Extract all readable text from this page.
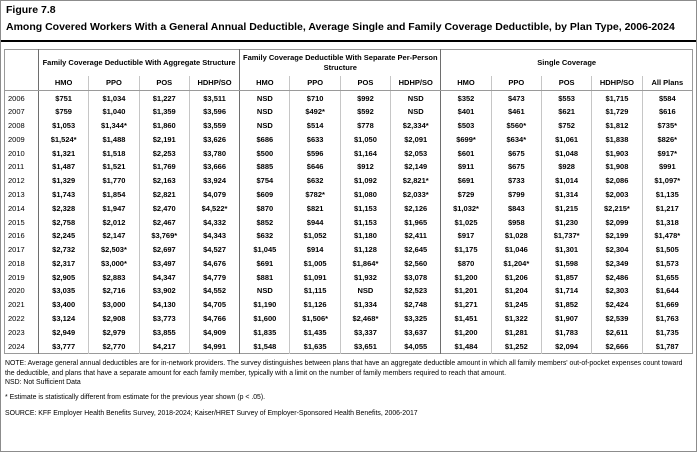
Figure 7.8
Among Covered Workers With a General Annual Deductible, Average Single and Family Coverage Deductible, by Plan Type, 2006-2024
	Family Coverage Deductible With Aggregate Structure				Family Coverage Deductible With Separate Per-Person Structure				Single Coverage				
	HMO	PPO	POS	HDHP/SO	HMO	PPO	POS	HDHP/SO	HMO	PPO	POS	HDHP/SO	All Plans
2006	$751	$1,034	$1,227	$3,511	NSD	$710	$992	NSD	$352	$473	$553	$1,715	$584
2007	$759	$1,040	$1,359	$3,596	NSD	$492*	$592	NSD	$401	$461	$621	$1,729	$616
2008	$1,053	$1,344*	$1,860	$3,559	NSD	$514	$778	$2,334*	$503	$560*	$752	$1,812	$735*
2009	$1,524*	$1,488	$2,191	$3,626	$686	$633	$1,050	$2,091	$699*	$634*	$1,061	$1,838	$826*
2010	$1,321	$1,518	$2,253	$3,780	$500	$596	$1,164	$2,053	$601	$675	$1,048	$1,903	$917*
2011	$1,487	$1,521	$1,769	$3,666	$885	$646	$912	$2,149	$911	$675	$928	$1,908	$991
2012	$1,329	$1,770	$2,163	$3,924	$754	$632	$1,092	$2,821*	$691	$733	$1,014	$2,086	$1,097*
2013	$1,743	$1,854	$2,821	$4,079	$609	$782*	$1,080	$2,033*	$729	$799	$1,314	$2,003	$1,135
2014	$2,328	$1,947	$2,470	$4,522*	$870	$821	$1,153	$2,126	$1,032*	$843	$1,215	$2,215*	$1,217
2015	$2,758	$2,012	$2,467	$4,332	$852	$944	$1,153	$1,965	$1,025	$958	$1,230	$2,099	$1,318
2016	$2,245	$2,147	$3,769*	$4,343	$632	$1,052	$1,180	$2,411	$917	$1,028	$1,737*	$2,199	$1,478*
2017	$2,732	$2,503*	$2,697	$4,527	$1,045	$914	$1,128	$2,645	$1,175	$1,046	$1,301	$2,304	$1,505
2018	$2,317	$3,000*	$3,497	$4,676	$691	$1,005	$1,864*	$2,560	$870	$1,204*	$1,598	$2,349	$1,573
2019	$2,905	$2,883	$4,347	$4,779	$881	$1,091	$1,932	$3,078	$1,200	$1,206	$1,857	$2,486	$1,655
2020	$3,035	$2,716	$3,902	$4,552	NSD	$1,115	NSD	$2,523	$1,201	$1,204	$1,714	$2,303	$1,644
2021	$3,400	$3,000	$4,130	$4,705	$1,190	$1,126	$1,334	$2,748	$1,271	$1,245	$1,852	$2,424	$1,669
2022	$3,124	$2,908	$3,773	$4,766	$1,600	$1,506*	$2,468*	$3,325	$1,451	$1,322	$1,907	$2,539	$1,763
2023	$2,949	$2,979	$3,855	$4,909	$1,835	$1,435	$3,337	$3,637	$1,200	$1,281	$1,783	$2,611	$1,735
2024	$3,777	$2,770	$4,217	$4,991	$1,548	$1,635	$3,651	$4,055	$1,484	$1,252	$2,094	$2,666	$1,787

NOTE: Average general annual deductibles are for in-network providers. The survey distinguishes between plans that have an aggregate deductible amount in which all family members' out-of-pocket expenses count toward the deductible, and plans that have a separate amount for each family member, typically with a limit on the number of family members required to reach that amount.

NSD: Not Sufficient Data

* Estimate is statistically different from estimate for the previous year shown (p < .05).

SOURCE: KFF Employer Health Benefits Survey, 2018-2024; Kaiser/HRET Survey of Employer-Sponsored Health Benefits, 2006-2017
